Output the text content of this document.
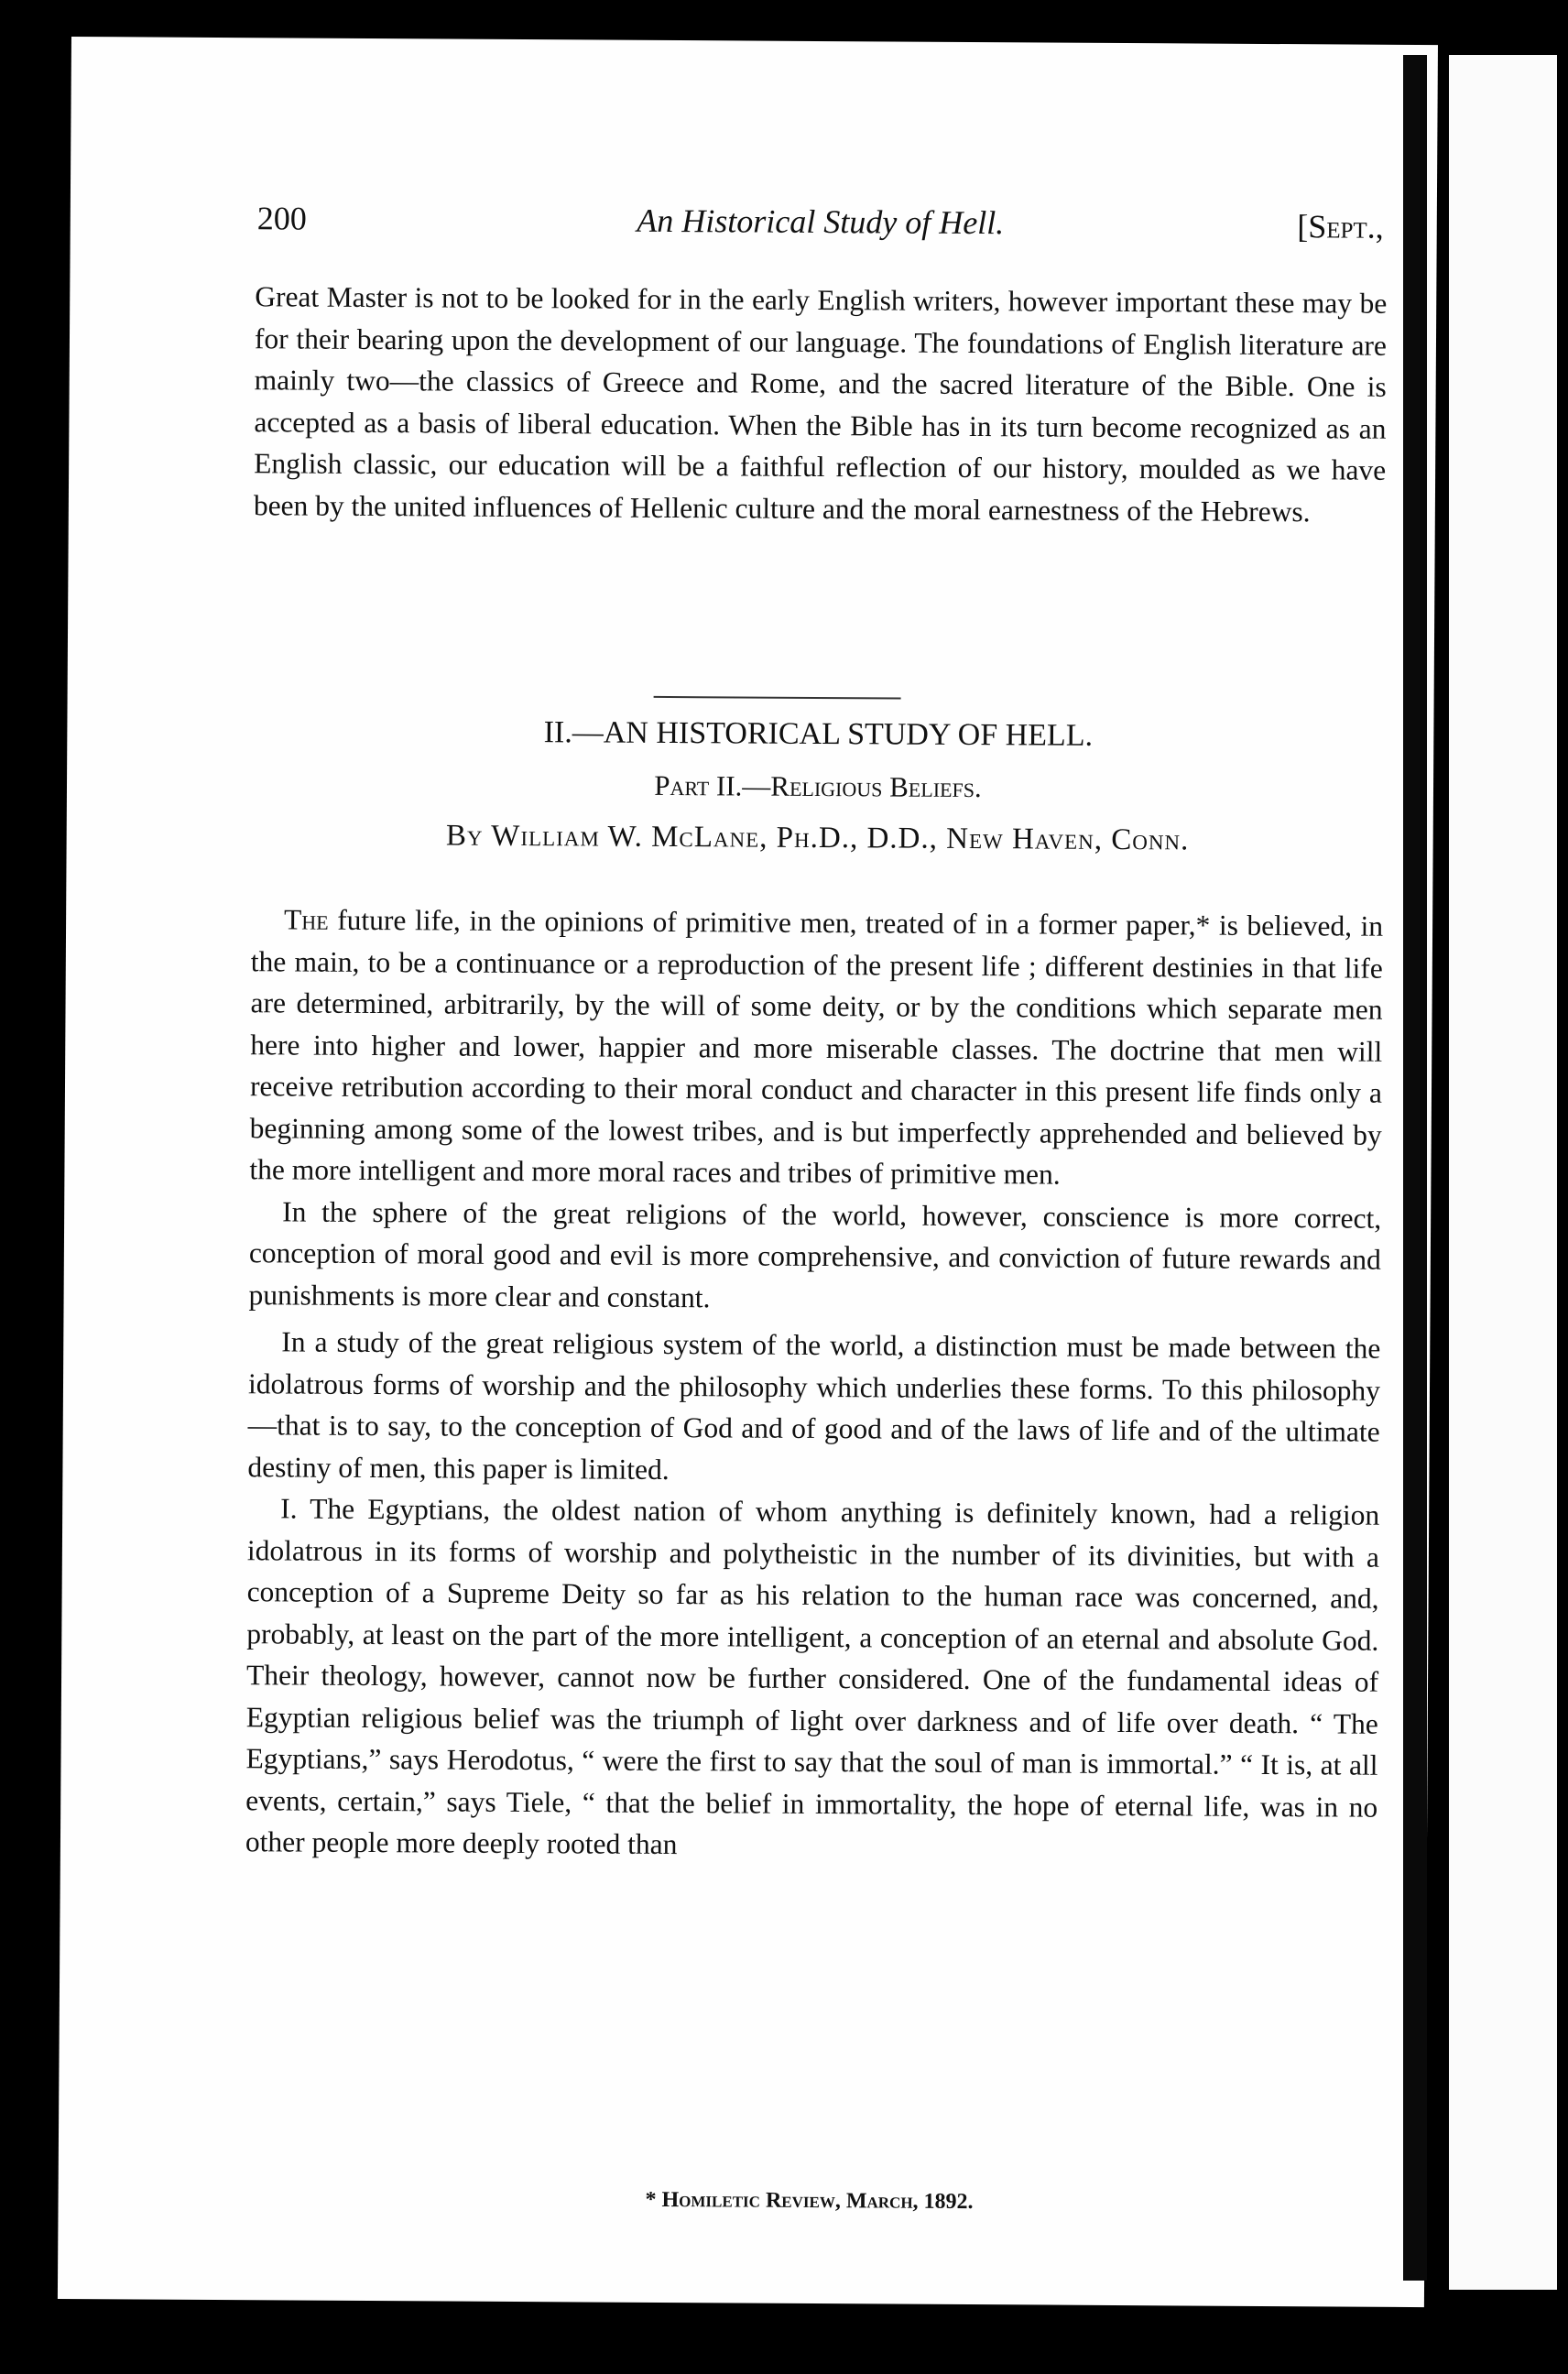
200	An Historical Study of Hell.	[Sept.,

Great Master is not to be looked for in the early English writers, however important these may be for their bearing upon the development of our language. The foundations of English literature are mainly two—the classics of Greece and Rome, and the sacred literature of the Bible. One is accepted as a basis of liberal education. When the Bible has in its turn become recognized as an English classic, our education will be a faithful reflection of our history, moulded as we have been by the united influences of Hellenic culture and the moral earnestness of the Hebrews.

II.—AN HISTORICAL STUDY OF HELL.
Part II.—Religious Beliefs.
By William W. McLane, Ph.D., D.D., New Haven, Conn.

The future life, in the opinions of primitive men, treated of in a former paper,* is believed, in the main, to be a continuance or a reproduction of the present life ; different destinies in that life are determined, arbitrarily, by the will of some deity, or by the conditions which separate men here into higher and lower, happier and more miserable classes. The doctrine that men will receive retribution according to their moral conduct and character in this present life finds only a beginning among some of the lowest tribes, and is but imperfectly apprehended and believed by the more intelligent and more moral races and tribes of primitive men.

In the sphere of the great religions of the world, however, conscience is more correct, conception of moral good and evil is more comprehensive, and conviction of future rewards and punishments is more clear and constant.

In a study of the great religious system of the world, a distinction must be made between the idolatrous forms of worship and the philosophy which underlies these forms. To this philosophy—that is to say, to the conception of God and of good and of the laws of life and of the ultimate destiny of men, this paper is limited.

I. The Egyptians, the oldest nation of whom anything is definitely known, had a religion idolatrous in its forms of worship and polytheistic in the number of its divinities, but with a conception of a Supreme Deity so far as his relation to the human race was concerned, and, probably, at least on the part of the more intelligent, a conception of an eternal and absolute God. Their theology, however, cannot now be further considered. One of the fundamental ideas of Egyptian religious belief was the triumph of light over darkness and of life over death. “ The Egyptians,” says Herodotus, “ were the first to say that the soul of man is immortal.” “ It is, at all events, certain,” says Tiele, “ that the belief in immortality, the hope of eternal life, was in no other people more deeply rooted than

* Homiletic Review, March, 1892.
